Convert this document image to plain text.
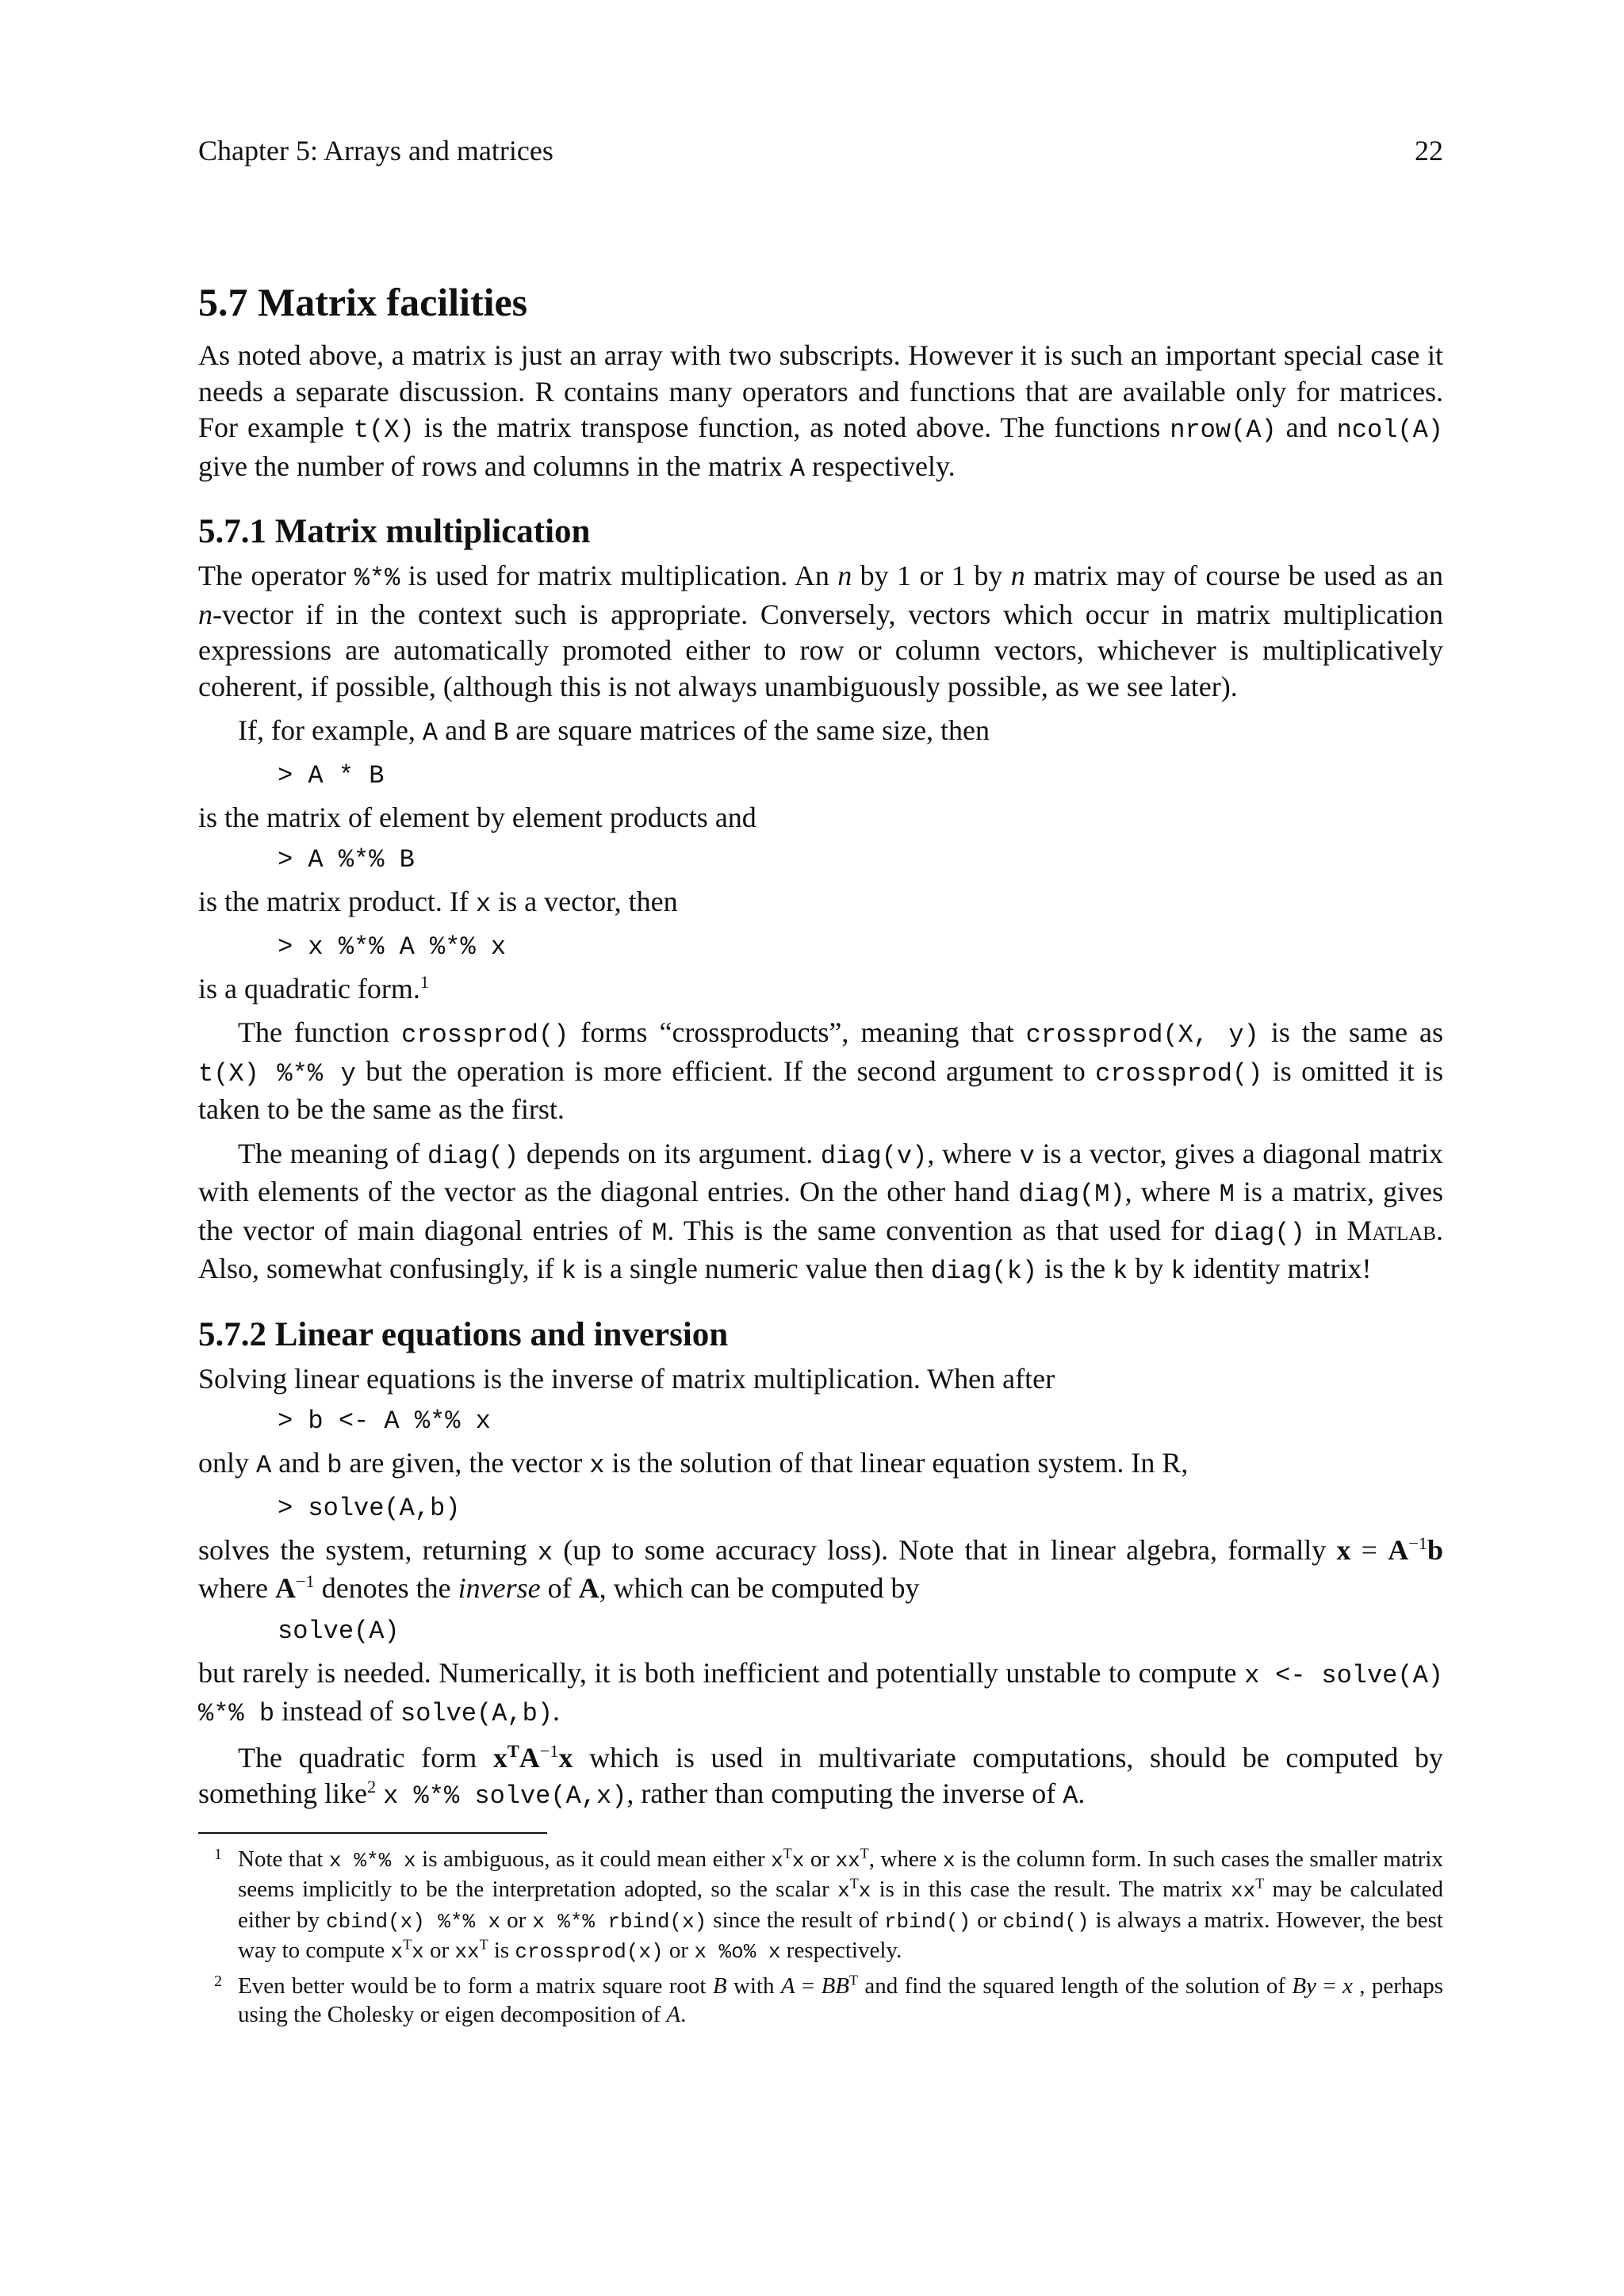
Chapter 5: Arrays and matrices	22
5.7 Matrix facilities

As noted above, a matrix is just an array with two subscripts. However it is such an important special case it needs a separate discussion. R contains many operators and functions that are available only for matrices. For example t(X) is the matrix transpose function, as noted above. The functions nrow(A) and ncol(A) give the number of rows and columns in the matrix A respectively.

5.7.1 Matrix multiplication

The operator %*% is used for matrix multiplication. An n by 1 or 1 by n matrix may of course be used as an n-vector if in the context such is appropriate. Conversely, vectors which occur in matrix multiplication expressions are automatically promoted either to row or column vectors, whichever is multiplicatively coherent, if possible, (although this is not always unambiguously possible, as we see later).

If, for example, A and B are square matrices of the same size, then

> A * B

is the matrix of element by element products and

> A %*% B

is the matrix product. If x is a vector, then

> x %*% A %*% x

is a quadratic form.$^1$

The function crossprod() forms “crossproducts”, meaning that crossprod(X, y) is the same as t(X) %*% y but the operation is more efficient. If the second argument to crossprod() is omitted it is taken to be the same as the first.

The meaning of diag() depends on its argument. diag(v), where v is a vector, gives a diagonal matrix with elements of the vector as the diagonal entries. On the other hand diag(M), where M is a matrix, gives the vector of main diagonal entries of M. This is the same convention as that used for diag() in Matlab. Also, somewhat confusingly, if k is a single numeric value then diag(k) is the k by k identity matrix!

5.7.2 Linear equations and inversion

Solving linear equations is the inverse of matrix multiplication. When after

> b <- A %*% x

only A and b are given, the vector x is the solution of that linear equation system. In R,

> solve(A,b)

solves the system, returning x (up to some accuracy loss). Note that in linear algebra, formally $x = A^{-1}b$ where $A^{-1}$ denotes the inverse of A, which can be computed by

solve(A)

but rarely is needed. Numerically, it is both inefficient and potentially unstable to compute x <- solve(A) %*% b instead of solve(A,b).

The quadratic form $x^TA^{-1}x$ which is used in multivariate computations, should be computed by something like$^2$ x %*% solve(A,x), rather than computing the inverse of A.

1 Note that x %*% x is ambiguous, as it could mean either $x^Tx$ or $xx^T$, where x is the column form. In such cases the smaller matrix seems implicitly to be the interpretation adopted, so the scalar $x^Tx$ is in this case the result. The matrix $xx^T$ may be calculated either by cbind(x) %*% x or x %*% rbind(x) since the result of rbind() or cbind() is always a matrix. However, the best way to compute $x^Tx$ or $xx^T$ is crossprod(x) or x %o% x respectively.
2 Even better would be to form a matrix square root B with $A = BB^T$ and find the squared length of the solution of By = x , perhaps using the Cholesky or eigen decomposition of A.
